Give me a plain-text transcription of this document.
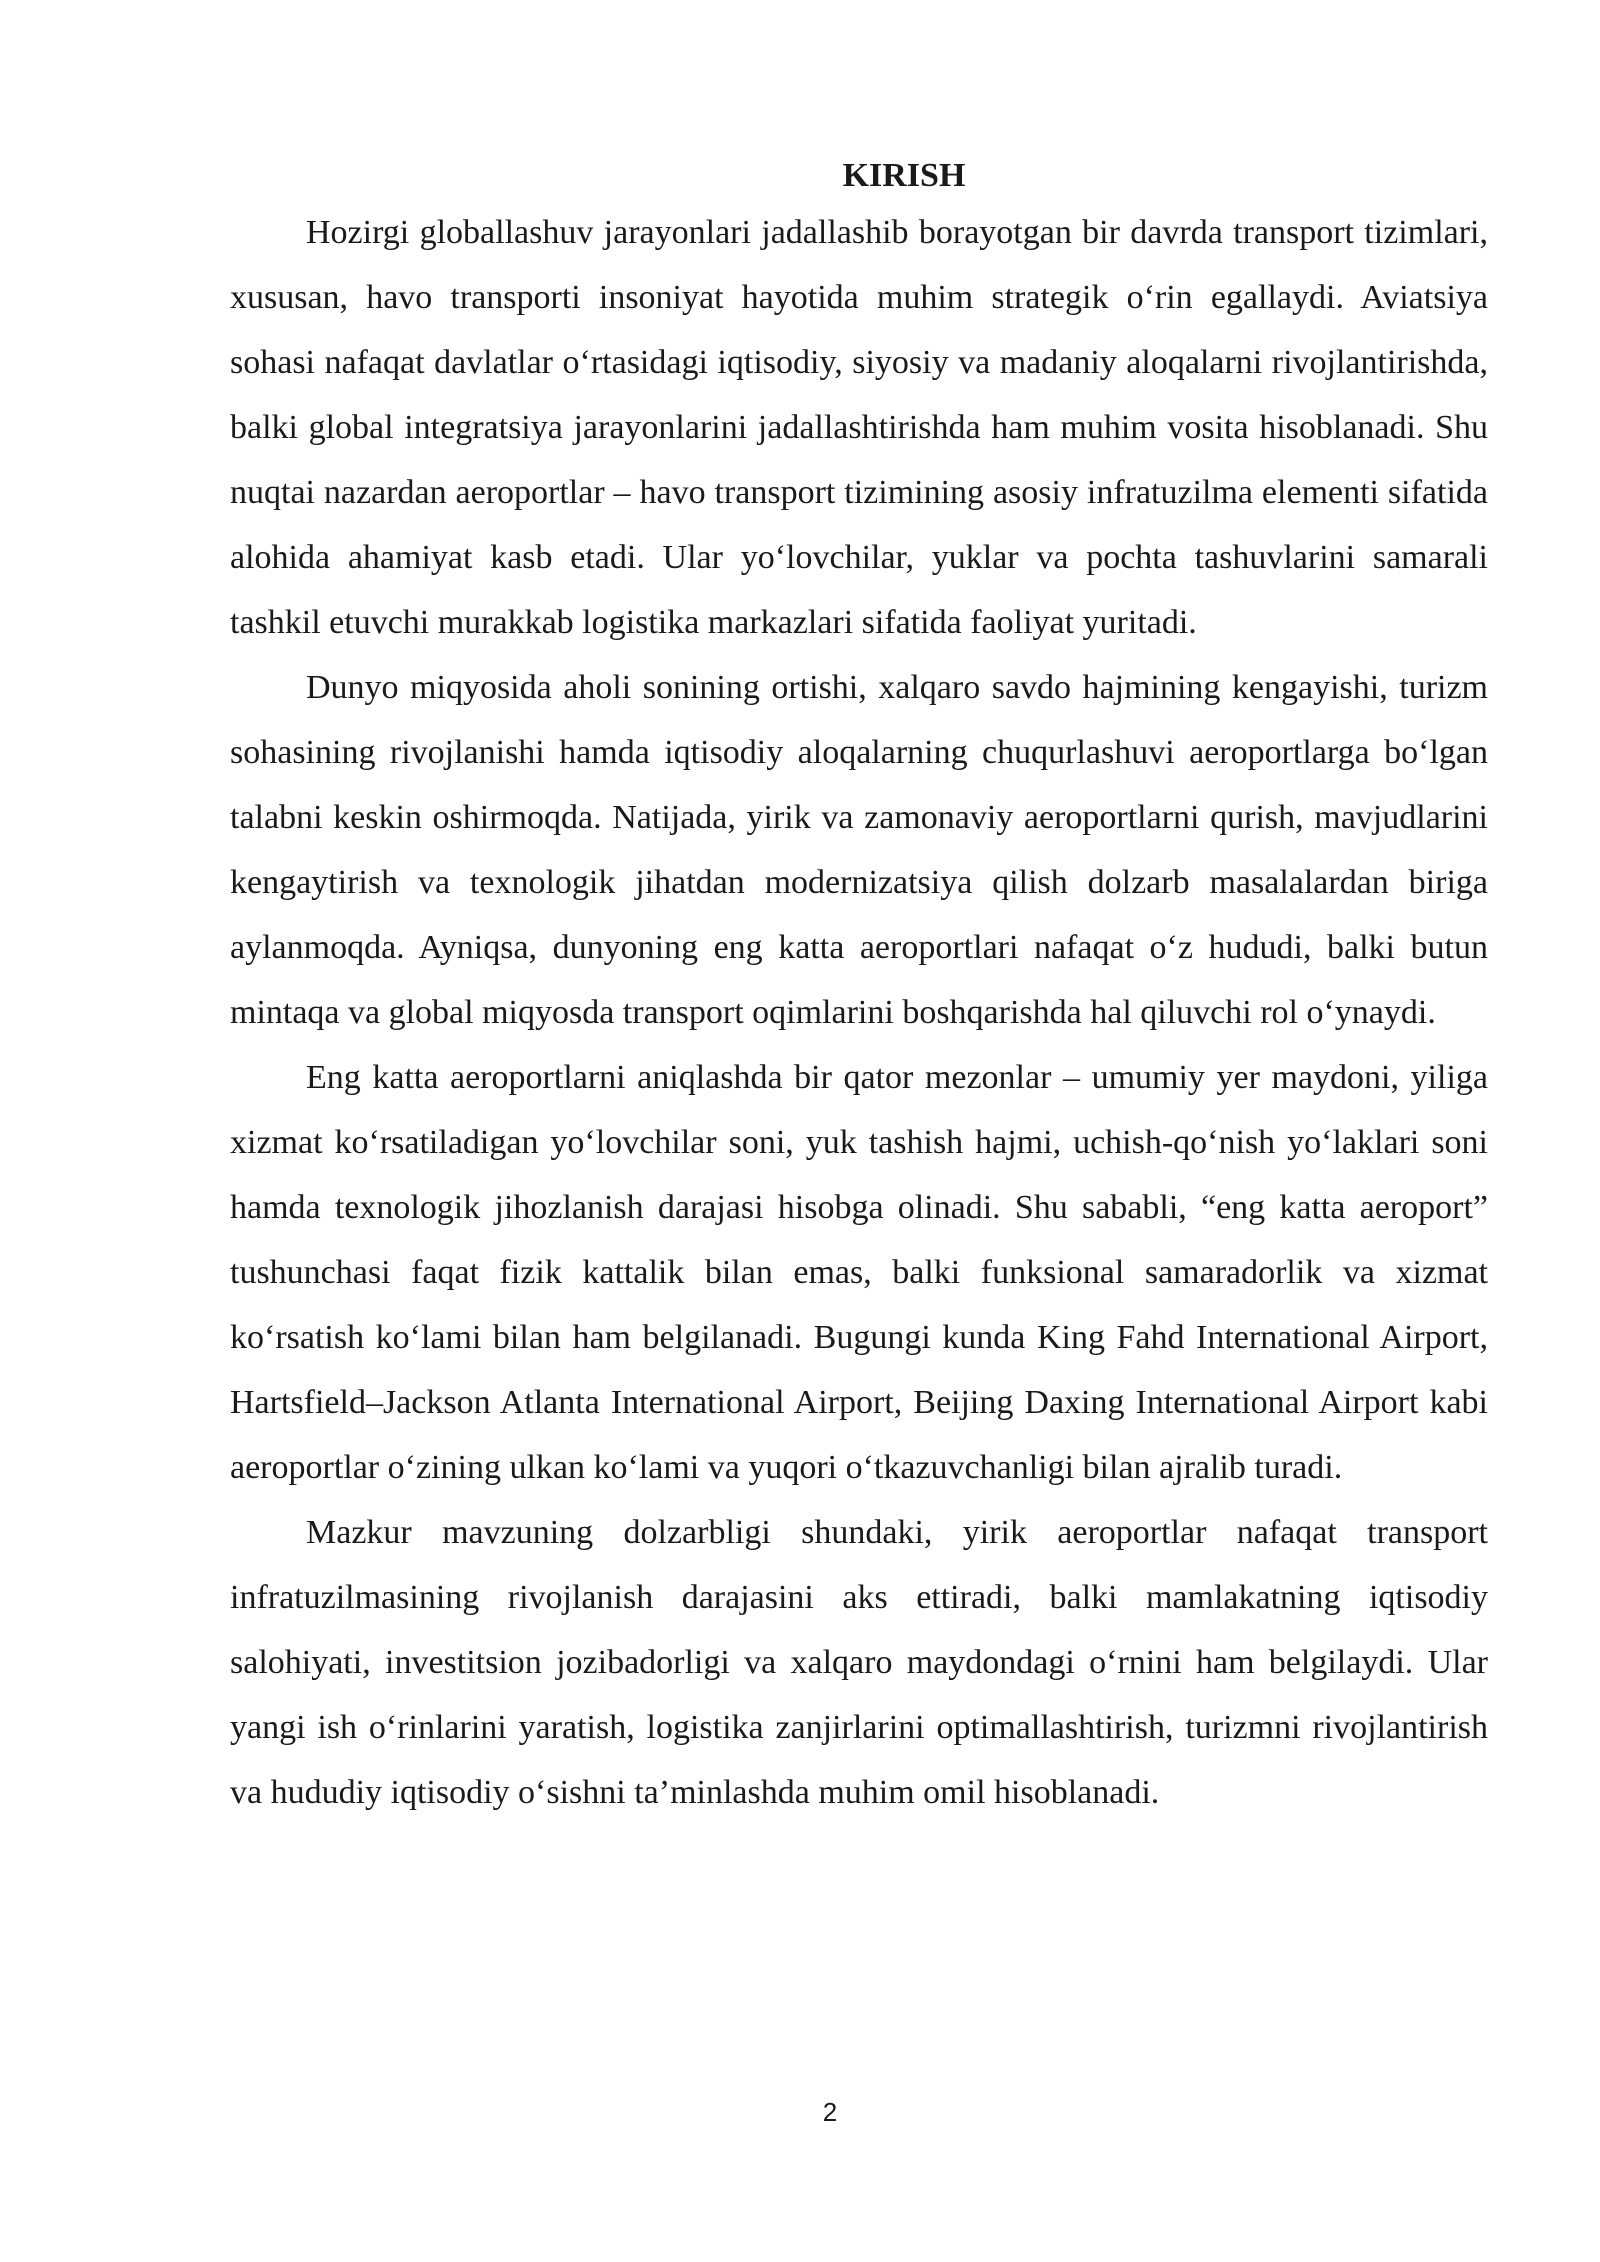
KIRISH

Hozirgi globallashuv jarayonlari jadallashib borayotgan bir davrda transport tizimlari, xususan, havo transporti insoniyat hayotida muhim strategik o‘rin egallaydi. Aviatsiya sohasi nafaqat davlatlar o‘rtasidagi iqtisodiy, siyosiy va madaniy aloqalarni rivojlantirishda, balki global integratsiya jarayonlarini jadallashtirishda ham muhim vosita hisoblanadi. Shu nuqtai nazardan aeroportlar – havo transport tizimining asosiy infratuzilma elementi sifatida alohida ahamiyat kasb etadi. Ular yo‘lovchilar, yuklar va pochta tashuvlarini samarali tashkil etuvchi murakkab logistika markazlari sifatida faoliyat yuritadi.

Dunyo miqyosida aholi sonining ortishi, xalqaro savdo hajmining kengayishi, turizm sohasining rivojlanishi hamda iqtisodiy aloqalarning chuqurlashuvi aeroportlarga bo‘lgan talabni keskin oshirmoqda. Natijada, yirik va zamonaviy aeroportlarni qurish, mavjudlarini kengaytirish va texnologik jihatdan modernizatsiya qilish dolzarb masalalardan biriga aylanmoqda. Ayniqsa, dunyoning eng katta aeroportlari nafaqat o‘z hududi, balki butun mintaqa va global miqyosda transport oqimlarini boshqarishda hal qiluvchi rol o‘ynaydi.

Eng katta aeroportlarni aniqlashda bir qator mezonlar – umumiy yer maydoni, yiliga xizmat ko‘rsatiladigan yo‘lovchilar soni, yuk tashish hajmi, uchish-qo‘nish yo‘laklari soni hamda texnologik jihozlanish darajasi hisobga olinadi. Shu sababli, “eng katta aeroport” tushunchasi faqat fizik kattalik bilan emas, balki funksional samaradorlik va xizmat ko‘rsatish ko‘lami bilan ham belgilanadi. Bugungi kunda King Fahd International Airport, Hartsfield–Jackson Atlanta International Airport, Beijing Daxing International Airport kabi aeroportlar o‘zining ulkan ko‘lami va yuqori o‘tkazuvchanligi bilan ajralib turadi.

Mazkur mavzuning dolzarbligi shundaki, yirik aeroportlar nafaqat transport infratuzilmasining rivojlanish darajasini aks ettiradi, balki mamlakatning iqtisodiy salohiyati, investitsion jozibadorligi va xalqaro maydondagi o‘rnini ham belgilaydi. Ular yangi ish o‘rinlarini yaratish, logistika zanjirlarini optimallashtirish, turizmni rivojlantirish va hududiy iqtisodiy o‘sishni ta’minlashda muhim omil hisoblanadi.

2
